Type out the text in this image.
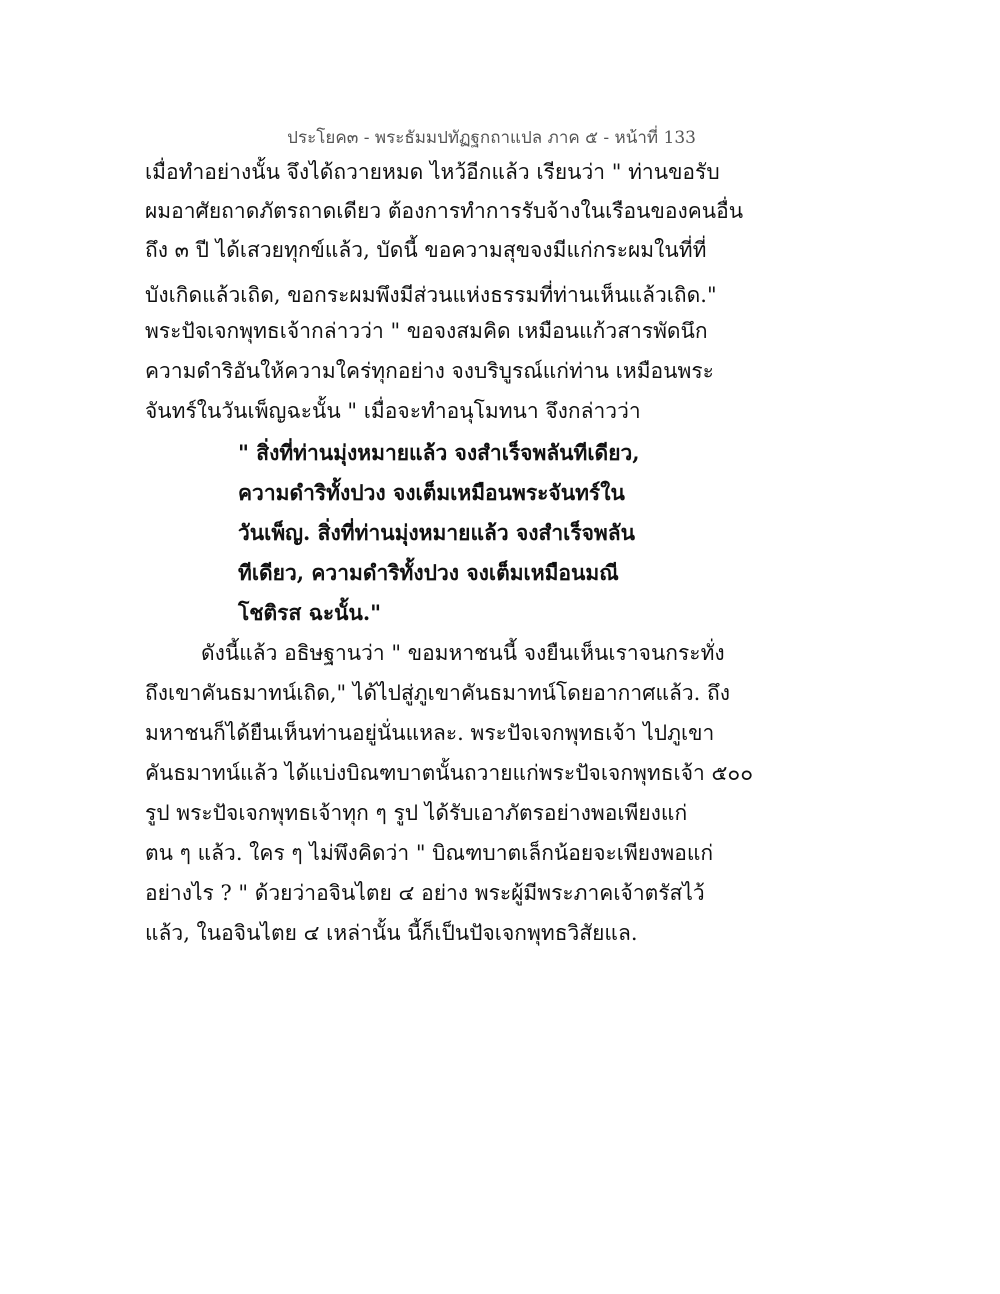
ประโยค๓ - พระธัมมปทัฏฐกถาแปล ภาค ๕ - หน้าที่ 133
เมื่อทำอย่างนั้น จึงได้ถวายหมด ไหว้อีกแล้ว เรียนว่า " ท่านขอรับ
ผมอาศัยถาดภัตรถาดเดียว ต้องการทำการรับจ้างในเรือนของคนอื่น
ถึง ๓ ปี ได้เสวยทุกข์แล้ว, บัดนี้ ขอความสุขจงมีแก่กระผมในที่ที่
บังเกิดแล้วเถิด, ขอกระผมพึงมีส่วนแห่งธรรมที่ท่านเห็นแล้วเถิด."
พระปัจเจกพุทธเจ้ากล่าวว่า " ขอจงสมคิด เหมือนแก้วสารพัดนึก
ความดำริอันให้ความใคร่ทุกอย่าง จงบริบูรณ์แก่ท่าน เหมือนพระ
จันทร์ในวันเพ็ญฉะนั้น " เมื่อจะทำอนุโมทนา จึงกล่าวว่า
" สิ่งที่ท่านมุ่งหมายแล้ว จงสำเร็จพลันทีเดียว,
ความดำริทั้งปวง จงเต็มเหมือนพระจันทร์ใน
วันเพ็ญ. สิ่งที่ท่านมุ่งหมายแล้ว จงสำเร็จพลัน
ทีเดียว, ความดำริทั้งปวง จงเต็มเหมือนมณี
โชติรส ฉะนั้น."
ดังนี้แล้ว อธิษฐานว่า " ขอมหาชนนี้ จงยืนเห็นเราจนกระทั่ง
ถึงเขาคันธมาทน์เถิด," ได้ไปสู่ภูเขาคันธมาทน์โดยอากาศแล้ว. ถึง
มหาชนก็ได้ยืนเห็นท่านอยู่นั่นแหละ. พระปัจเจกพุทธเจ้า ไปภูเขา
คันธมาทน์แล้ว ได้แบ่งบิณฑบาตนั้นถวายแก่พระปัจเจกพุทธเจ้า ๕๐๐
รูป พระปัจเจกพุทธเจ้าทุก ๆ รูป ได้รับเอาภัตรอย่างพอเพียงแก่
ตน ๆ แล้ว. ใคร ๆ ไม่พึงคิดว่า " บิณฑบาตเล็กน้อยจะเพียงพอแก่
อย่างไร ? " ด้วยว่าอจินไตย ๔ อย่าง พระผู้มีพระภาคเจ้าตรัสไว้
แล้ว, ในอจินไตย ๔ เหล่านั้น นี้ก็เป็นปัจเจกพุทธวิสัยแล.
